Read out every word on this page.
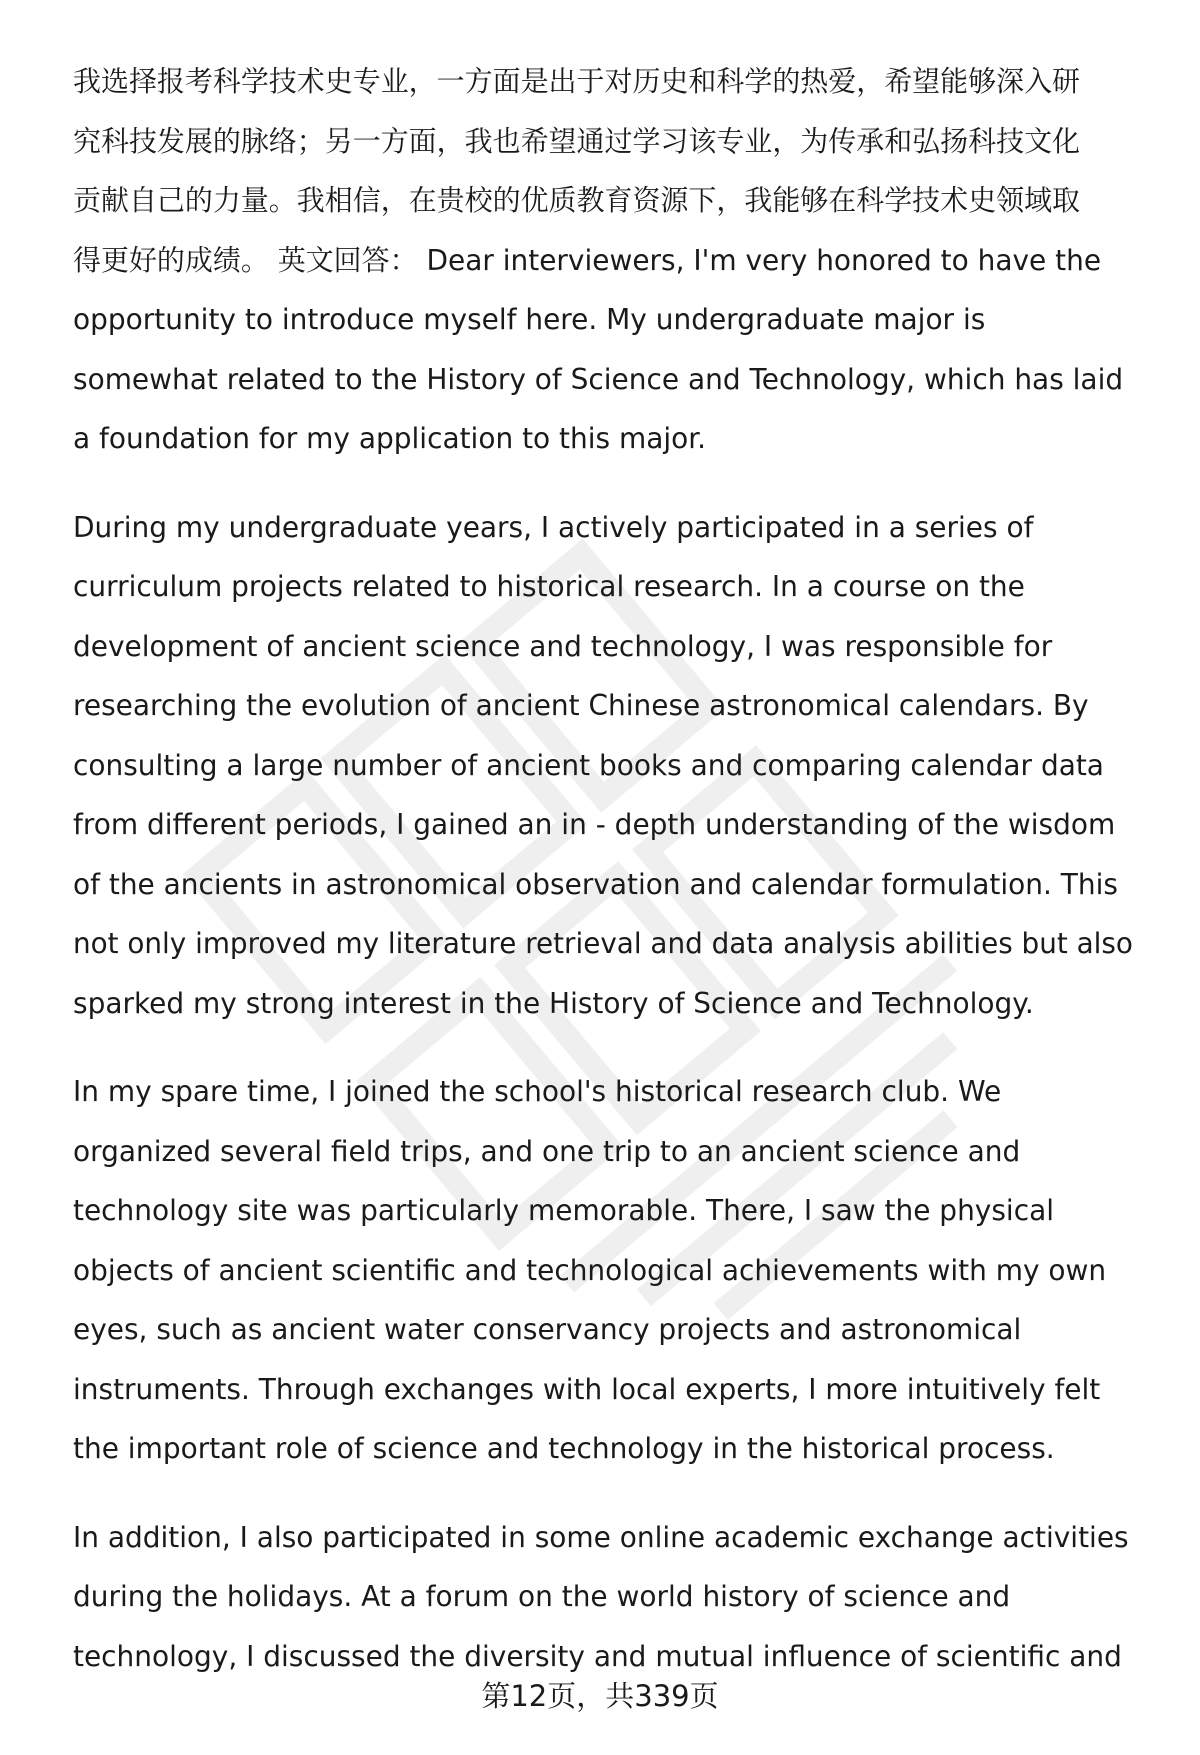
我选择报考科学技术史专业，一方面是出于对历史和科学的热爱，希望能够深入研
究科技发展的脉络；另一方面，我也希望通过学习该专业，为传承和弘扬科技文化
贡献自己的力量。我相信，在贵校的优质教育资源下，我能够在科学技术史领域取
得更好的成绩。 英文回答： Dear interviewers, I'm very honored to have the
opportunity to introduce myself here. My undergraduate major is
somewhat related to the History of Science and Technology, which has laid
a foundation for my application to this major.

During my undergraduate years, I actively participated in a series of
curriculum projects related to historical research. In a course on the
development of ancient science and technology, I was responsible for
researching the evolution of ancient Chinese astronomical calendars. By
consulting a large number of ancient books and comparing calendar data
from different periods, I gained an in - depth understanding of the wisdom
of the ancients in astronomical observation and calendar formulation. This
not only improved my literature retrieval and data analysis abilities but also
sparked my strong interest in the History of Science and Technology.

In my spare time, I joined the school's historical research club. We
organized several field trips, and one trip to an ancient science and
technology site was particularly memorable. There, I saw the physical
objects of ancient scientific and technological achievements with my own
eyes, such as ancient water conservancy projects and astronomical
instruments. Through exchanges with local experts, I more intuitively felt
the important role of science and technology in the historical process.

In addition, I also participated in some online academic exchange activities
during the holidays. At a forum on the world history of science and
technology, I discussed the diversity and mutual influence of scientific and

第12页，共339页
